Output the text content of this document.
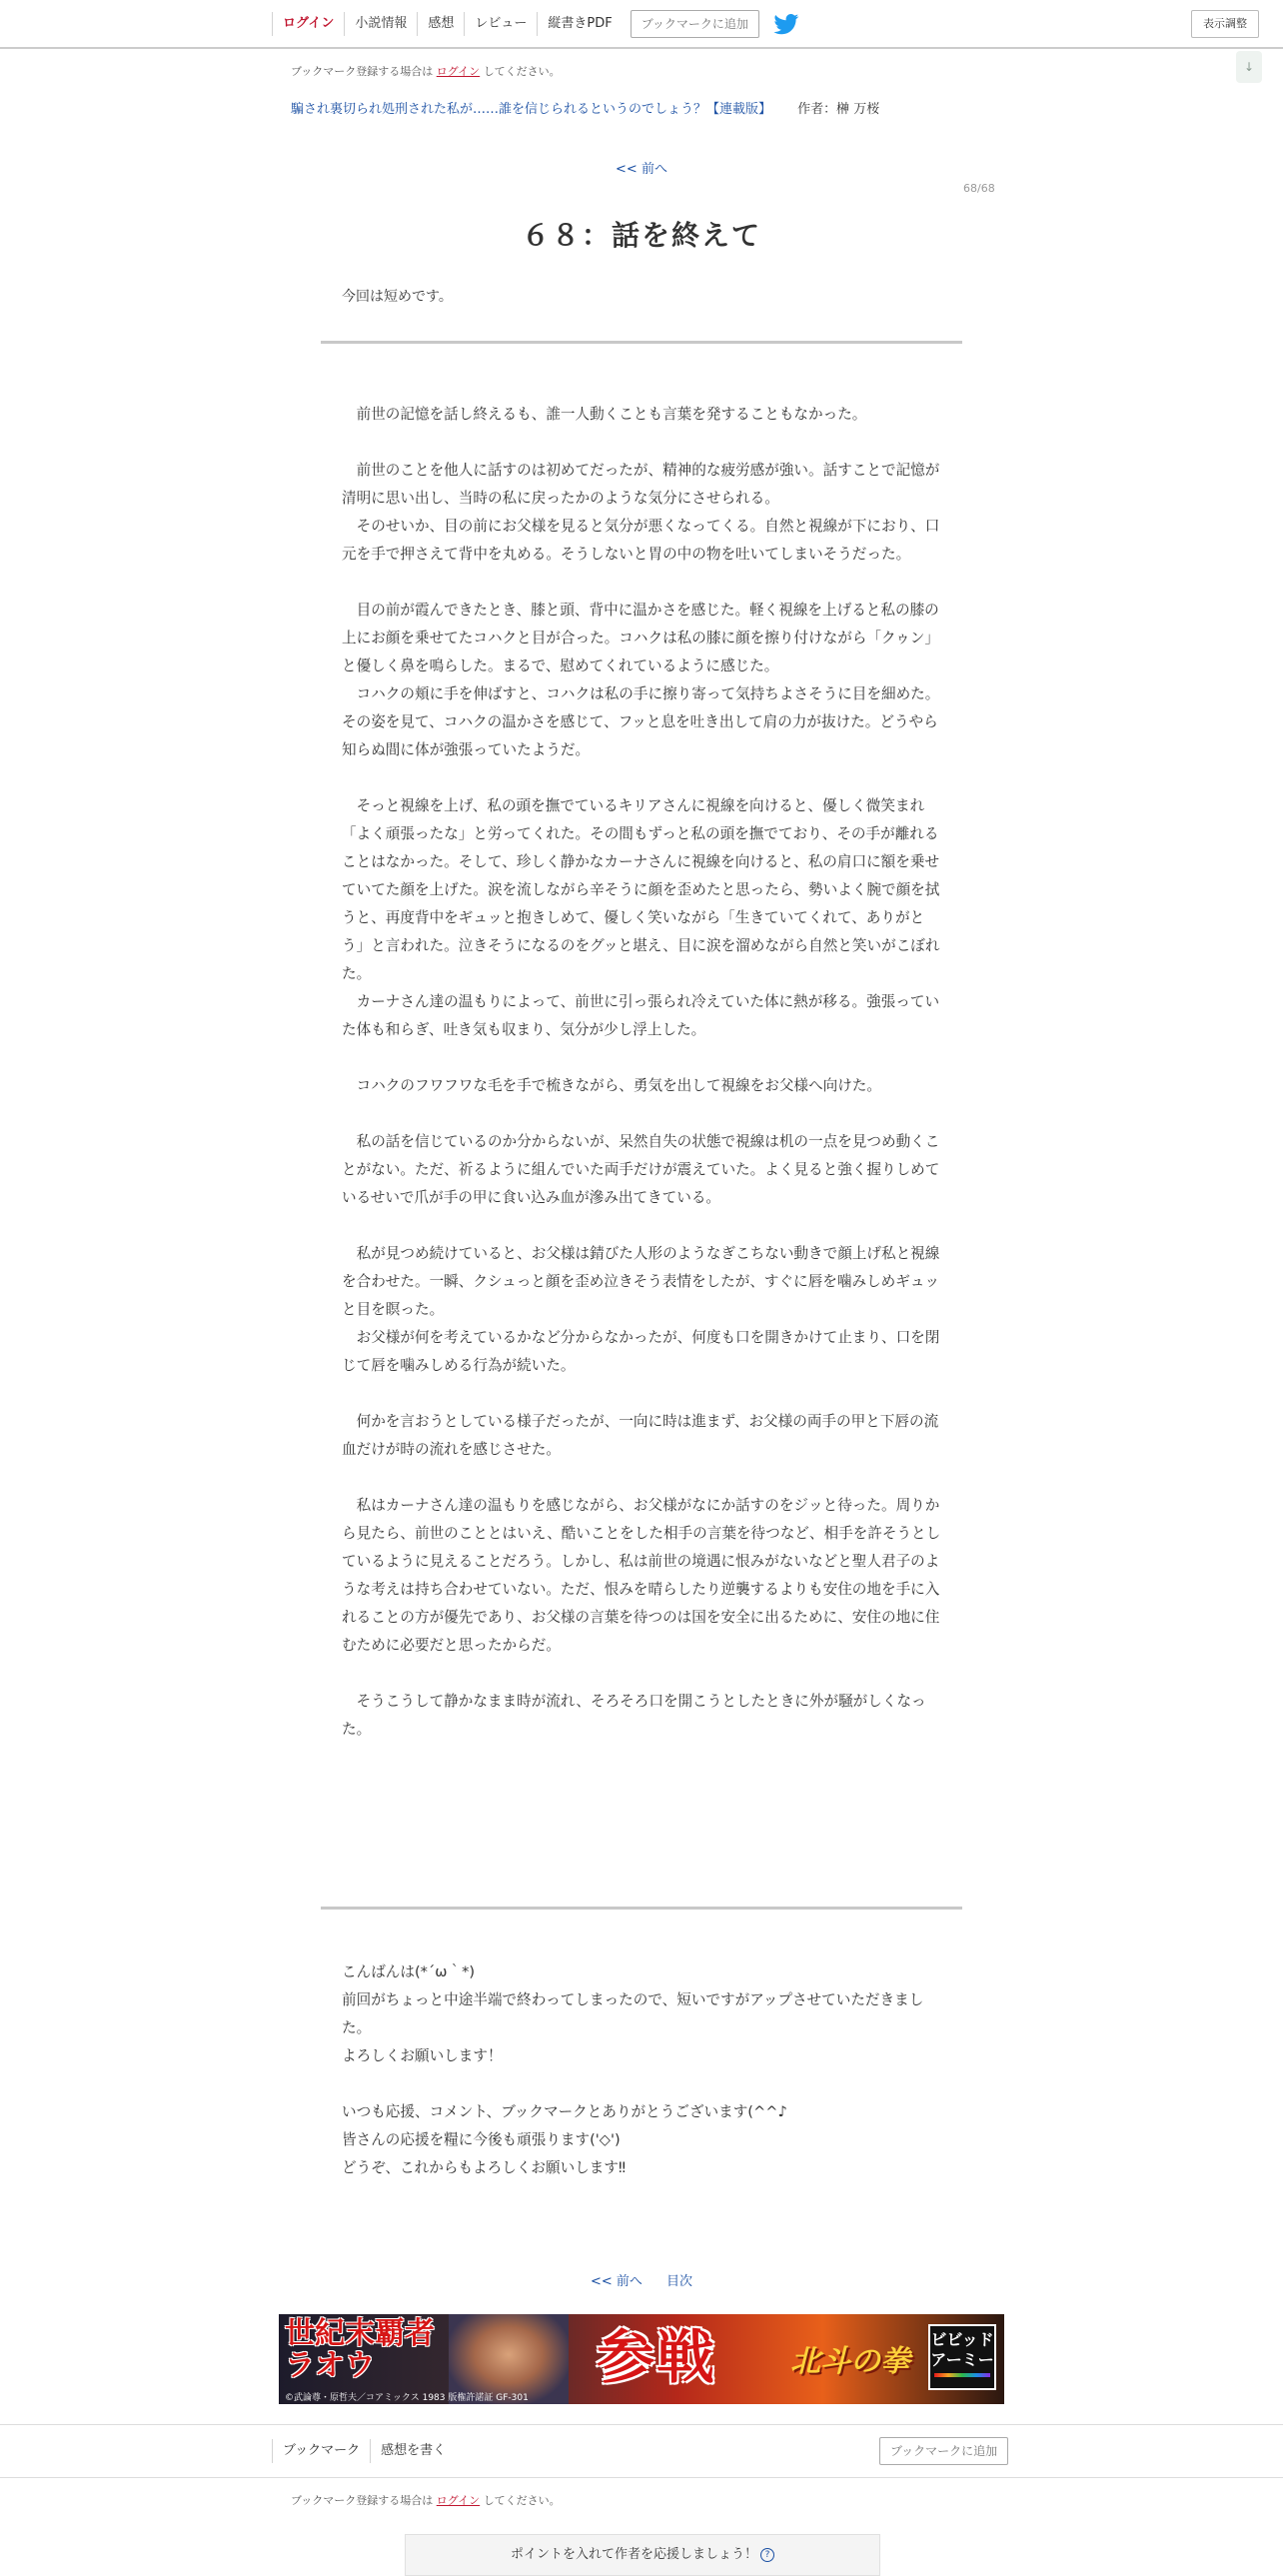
ログイン	小説情報	感想	レビュー	縦書きPDF	ブックマークに追加	表示調整
↓
ブックマーク登録する場合は ログイン してください。
騙され裏切られ処刑された私が……誰を信じられるというのでしょう？【連載版】 作者：榊 万桜
<< 前へ
68/68
６８：話を終えて
今回は短めです。

　前世の記憶を話し終えるも、誰一人動くことも言葉を発することもなかった。

　前世のことを他人に話すのは初めてだったが、精神的な疲労感が強い。話すことで記憶が清明に思い出し、当時の私に戻ったかのような気分にさせられる。

　そのせいか、目の前にお父様を見ると気分が悪くなってくる。自然と視線が下におり、口元を手で押さえて背中を丸める。そうしないと胃の中の物を吐いてしまいそうだった。

　目の前が霞んできたとき、膝と頭、背中に温かさを感じた。軽く視線を上げると私の膝の上にお顔を乗せてたコハクと目が合った。コハクは私の膝に顔を擦り付けながら「クゥン」と優しく鼻を鳴らした。まるで、慰めてくれているように感じた。

　コハクの頬に手を伸ばすと、コハクは私の手に擦り寄って気持ちよさそうに目を細めた。その姿を見て、コハクの温かさを感じて、フッと息を吐き出して肩の力が抜けた。どうやら知らぬ間に体が強張っていたようだ。

　そっと視線を上げ、私の頭を撫でているキリアさんに視線を向けると、優しく微笑まれ「よく頑張ったな」と労ってくれた。その間もずっと私の頭を撫でており、その手が離れることはなかった。そして、珍しく静かなカーナさんに視線を向けると、私の肩口に額を乗せていてた顔を上げた。涙を流しながら辛そうに顔を歪めたと思ったら、勢いよく腕で顔を拭うと、再度背中をギュッと抱きしめて、優しく笑いながら「生きていてくれて、ありがとう」と言われた。泣きそうになるのをグッと堪え、目に涙を溜めながら自然と笑いがこぼれた。

　カーナさん達の温もりによって、前世に引っ張られ冷えていた体に熱が移る。強張っていた体も和らぎ、吐き気も収まり、気分が少し浮上した。

　コハクのフワフワな毛を手で梳きながら、勇気を出して視線をお父様へ向けた。

　私の話を信じているのか分からないが、呆然自失の状態で視線は机の一点を見つめ動くことがない。ただ、祈るように組んでいた両手だけが震えていた。よく見ると強く握りしめているせいで爪が手の甲に食い込み血が滲み出てきている。

　私が見つめ続けていると、お父様は錆びた人形のようなぎこちない動きで顔上げ私と視線を合わせた。一瞬、クシュっと顔を歪め泣きそう表情をしたが、すぐに唇を噛みしめギュッと目を瞑った。

　お父様が何を考えているかなど分からなかったが、何度も口を開きかけて止まり、口を閉じて唇を噛みしめる行為が続いた。

　何かを言おうとしている様子だったが、一向に時は進まず、お父様の両手の甲と下唇の流血だけが時の流れを感じさせた。

　私はカーナさん達の温もりを感じながら、お父様がなにか話すのをジッと待った。周りから見たら、前世のこととはいえ、酷いことをした相手の言葉を待つなど、相手を許そうとしているように見えることだろう。しかし、私は前世の境遇に恨みがないなどと聖人君子のような考えは持ち合わせていない。ただ、恨みを晴らしたり逆襲するよりも安住の地を手に入れることの方が優先であり、お父様の言葉を待つのは国を安全に出るために、安住の地に住むために必要だと思ったからだ。

　そうこうして静かなまま時が流れ、そろそろ口を開こうとしたときに外が騒がしくなった。

こんばんは(*´ω｀*)

前回がちょっと中途半端で終わってしまったので、短いですがアップさせていただきました。

よろしくお願いします！

いつも応援、コメント、ブックマークとありがとうございます(^^♪

皆さんの応援を糧に今後も頑張ります('◇')

どうぞ、これからもよろしくお願いします‼

<< 前へ 目次
世紀末覇者
ラオウ	参戦 北斗の拳
ビビッド
アーミー
©武論尊・原哲夫／コアミックス 1983 版権許諾証 GF-301
ブックマーク	感想を書く	ブックマークに追加
ブックマーク登録する場合は ログイン してください。
ポイントを入れて作者を応援しましょう！ ?
